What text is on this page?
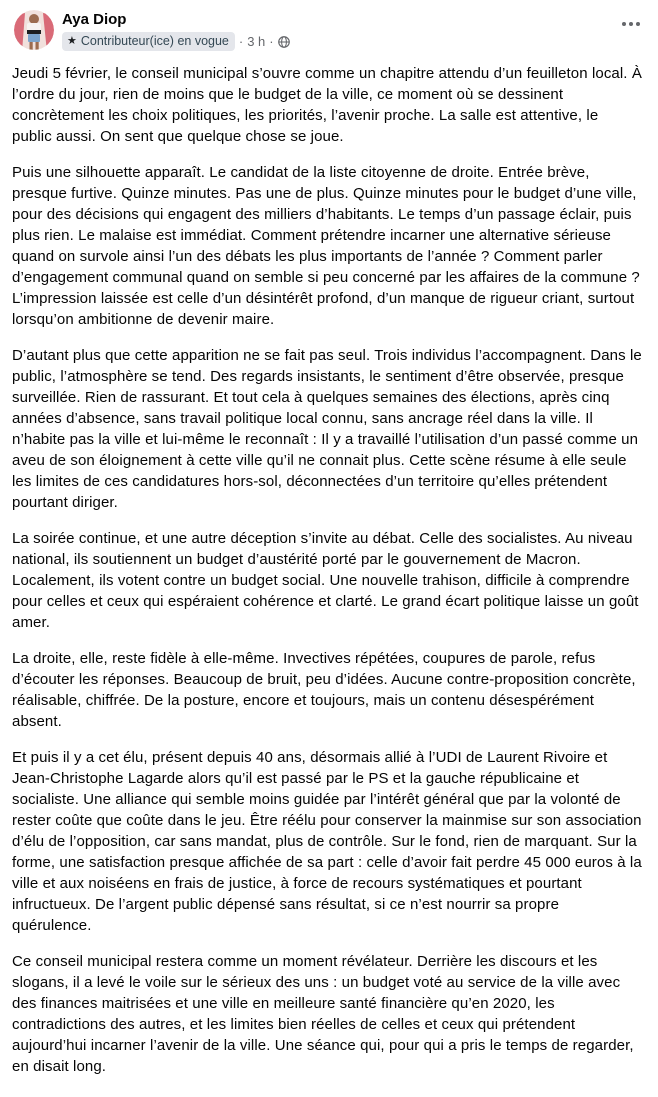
Aya Diop
★ Contributeur(ice) en vogue · 3 h ·

Jeudi 5 février, le conseil municipal s’ouvre comme un chapitre attendu d’un feuilleton local. À l’ordre du jour, rien de moins que le budget de la ville, ce moment où se dessinent concrètement les choix politiques, les priorités, l’avenir proche. La salle est attentive, le public aussi. On sent que quelque chose se joue.

Puis une silhouette apparaît. Le candidat de la liste citoyenne de droite. Entrée brève, presque furtive. Quinze minutes. Pas une de plus. Quinze minutes pour le budget d’une ville, pour des décisions qui engagent des milliers d’habitants. Le temps d’un passage éclair, puis plus rien. Le malaise est immédiat. Comment prétendre incarner une alternative sérieuse quand on survole ainsi l’un des débats les plus importants de l’année ? Comment parler d’engagement communal quand on semble si peu concerné par les affaires de la commune ? L’impression laissée est celle d’un désintérêt profond, d’un manque de rigueur criant, surtout lorsqu’on ambitionne de devenir maire.

D’autant plus que cette apparition ne se fait pas seul. Trois individus l’accompagnent. Dans le public, l’atmosphère se tend. Des regards insistants, le sentiment d’être observée, presque surveillée. Rien de rassurant. Et tout cela à quelques semaines des élections, après cinq années d’absence, sans travail politique local connu, sans ancrage réel dans la ville. Il n’habite pas la ville et lui-même le reconnaît : Il y a travaillé l’utilisation d’un passé comme un aveu de son éloignement à cette ville qu’il ne connait plus. Cette scène résume à elle seule les limites de ces candidatures hors-sol, déconnectées d’un territoire qu’elles prétendent pourtant diriger.

La soirée continue, et une autre déception s’invite au débat. Celle des socialistes. Au niveau national, ils soutiennent un budget d’austérité porté par le gouvernement de Macron. Localement, ils votent contre un budget social. Une nouvelle trahison, difficile à comprendre pour celles et ceux qui espéraient cohérence et clarté. Le grand écart politique laisse un goût amer.

La droite, elle, reste fidèle à elle-même. Invectives répétées, coupures de parole, refus d’écouter les réponses. Beaucoup de bruit, peu d’idées. Aucune contre-proposition concrète, réalisable, chiffrée. De la posture, encore et toujours, mais un contenu désespérément absent.

Et puis il y a cet élu, présent depuis 40 ans, désormais allié à l’UDI de Laurent Rivoire et Jean-Christophe Lagarde alors qu’il est passé par le PS et la gauche républicaine et socialiste. Une alliance qui semble moins guidée par l’intérêt général que par la volonté de rester coûte que coûte dans le jeu. Être réélu pour conserver la mainmise sur son association d’élu de l’opposition, car sans mandat, plus de contrôle. Sur le fond, rien de marquant. Sur la forme, une satisfaction presque affichée de sa part : celle d’avoir fait perdre 45 000 euros à la ville et aux noiséens en frais de justice, à force de recours systématiques et pourtant infructueux. De l’argent public dépensé sans résultat, si ce n’est nourrir sa propre quérulence.

Ce conseil municipal restera comme un moment révélateur. Derrière les discours et les slogans, il a levé le voile sur le sérieux des uns : un budget voté au service de la ville avec des finances maitrisées et une ville en meilleure santé financière qu’en 2020, les contradictions des autres, et les limites bien réelles de celles et ceux qui prétendent aujourd’hui incarner l’avenir de la ville. Une séance qui, pour qui a pris le temps de regarder, en disait long.
